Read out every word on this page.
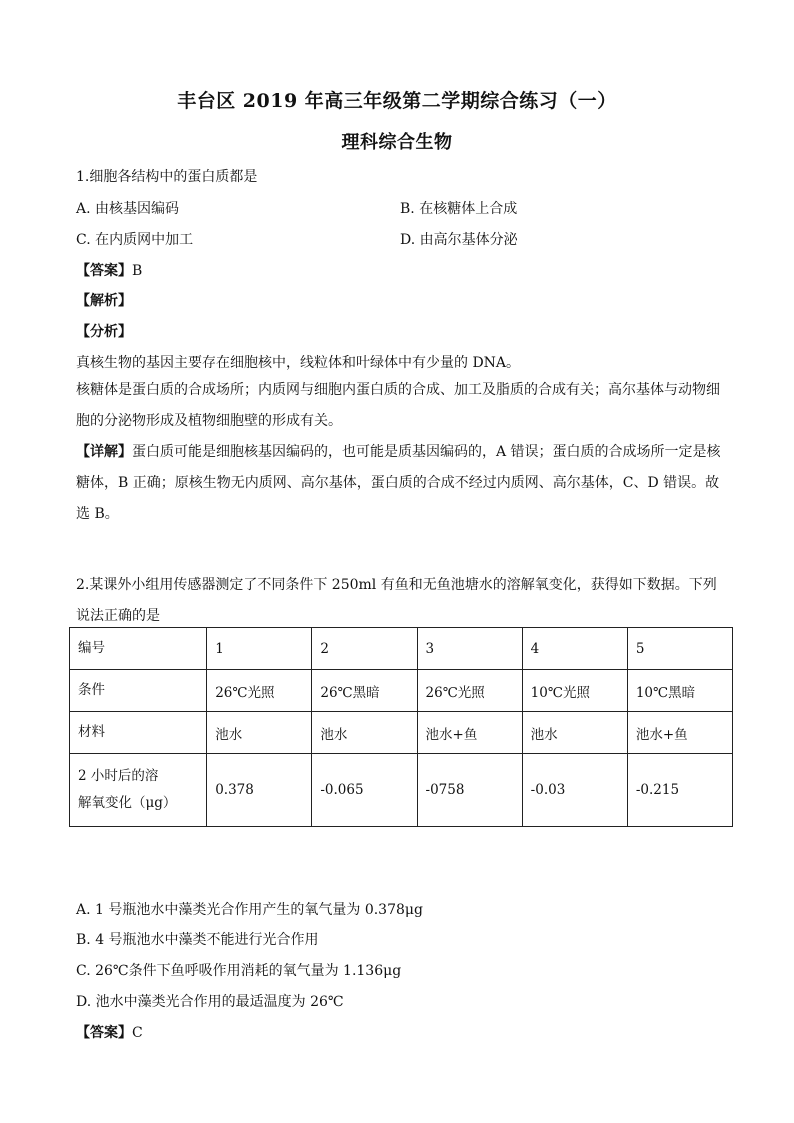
丰台区 2019 年高三年级第二学期综合练习（一）
理科综合生物
1.细胞各结构中的蛋白质都是
A. 由核基因编码	B. 在核糖体上合成
C. 在内质网中加工	D. 由高尔基体分泌
【答案】B
【解析】
【分析】
真核生物的基因主要存在细胞核中，线粒体和叶绿体中有少量的 DNA。
核糖体是蛋白质的合成场所；内质网与细胞内蛋白质的合成、加工及脂质的合成有关；高尔基体与动物细胞的分泌物形成及植物细胞壁的形成有关。
【详解】蛋白质可能是细胞核基因编码的，也可能是质基因编码的，A 错误；蛋白质的合成场所一定是核糖体，B 正确；原核生物无内质网、高尔基体，蛋白质的合成不经过内质网、高尔基体，C、D 错误。故选 B。
2.某课外小组用传感器测定了不同条件下 250ml 有鱼和无鱼池塘水的溶解氧变化，获得如下数据。下列说法正确的是
编号	1	2	3	4	5
条件	26℃光照	26℃黑暗	26℃光照	10℃光照	10℃黑暗
材料	池水	池水	池水+鱼	池水	池水+鱼

2 小时后的溶
解氧变化（μg）	0.378	-0.065	-0758	-0.03	-0.215
A. 1 号瓶池水中藻类光合作用产生的氧气量为 0.378μg
B. 4 号瓶池水中藻类不能进行光合作用
C. 26℃条件下鱼呼吸作用消耗的氧气量为 1.136μg
D. 池水中藻类光合作用的最适温度为 26℃
【答案】C
